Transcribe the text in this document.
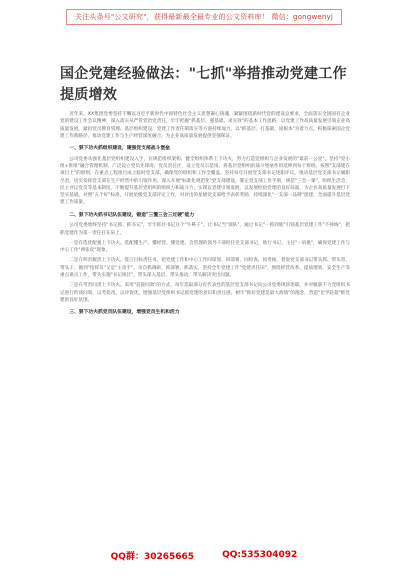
关注头条号"公文研究"，获得最新最全最专业的公文资料库！ 微信：gongwenyj
国企党建经验做法："七抓"举措推动党建工作提质增效

近年来，XX集团党委坚持不懈以习近平新时代中国特色社会主义思想凝心铸魂，紧紧围绕新时代党的建设总要求，全面落实全国国有企业党的建设工作会议精神，深入落实从严管党治党责任，牢牢把握"抓基层、强基础、求实效"的基本工作思路，以党建工作高质量发展引领企业高质量发展，紧扣党员教育管理、基层组织建设、党建工作责任制落实等方面持续加力，以"抓基层、打基础、固根本"为着力点，积极探索国企党建工作新路径，推动党建工作与生产经营深度融合，为企业高质量发展提供坚强保证。

一、狠下功夫抓组织建设，建强党支部战斗堡垒

公司党委从强化基层党组织建设入手，在规范组织架构、健全组织体系上下功夫，努力打造党组织与企业发展的"最前一公里"。坚持"党小组+班组"融合管理机制，广泛设立党员先锋岗、党员责任区，设立党员示范岗，将基层党组织的战斗堡垒作用延伸到每个班组。按照"支部建在项目上"的原则，在重点工程项目成立临时党支部，确保党的组织和工作全覆盖。坚持每年开展党支部书记述职评议，推动基层党支部书记履职尽责，切实发挥党支部在生产经营中的引领作用。深入开展"标准化规范化"党支部建设，制定党支部工作手册，规范"三会一课"、组织生活会、民主评议党员等基本制度，不断提升基层党组织的组织力和战斗力，实现以党建引领发展、以发展检验党建的良好局面，为企业高质量发展打下坚实基础。对照"五个好"标准，开展星级党支部评定工作，对评出的星级党支部给予表彰奖励，持续深化"一支部一品牌"创建，全面提升基层党建工作质量。

二、狠下功夫抓书记队伍建设，锻造"三懂三会三过硬"能力

公司党委始终坚持"书记抓、抓书记"，牢牢抓住书记这个"牛鼻子"，让书记当"领队"，通过书记"一抓到底"引领基层党建工作"不掉线"，把抓党建作为第一责任扛在肩上。

一是在选优配强上下功夫。选配懂生产、懂经营、懂党建、会管理的领导干部担任党支部书记，推行书记、主任"一肩挑"，确保党建工作与中心工作"两张皮"现象。

二是在明责履责上下功夫。签订目标责任书，把党建工作和中心工作同谋划、同部署、同检查、同考核，督促党支部书记带头抓、带头管、带头干，做到"指挥员"又是"主攻手"。亲自抓调研、抓部署、抓落实，坚持全年党建工作"党建责任田"，围绕经营改革、提质增效、安全生产等重点难点工作，带头实施"书记项目"，带头深入基层、带头推动，带头解决突出问题。

三是在考责问责上下功夫。采用"直接问效"的方式，每年选取部分有代表性的基层党支部书记向公司党委现场述职，并对履职不力党组织书记进行约谈问效，以考促改、以评促优，增强基层党组织书记抓党建的意识和责任感，树牢"抓好党建是最大政绩"的理念，营造"比学赶超"抓党建的良好氛围。

三、狠下功夫抓党员队伍建设，增强党员生机和活力

QQ群：30265665	QQ:535304092
